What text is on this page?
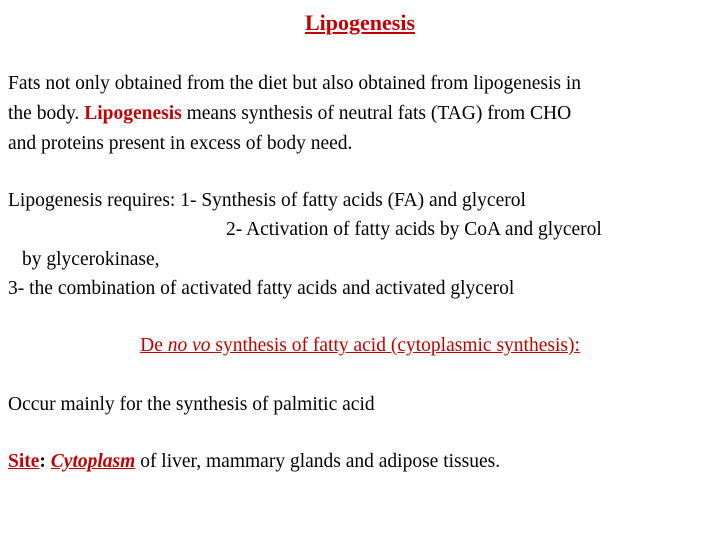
Lipogenesis
Fats not only obtained from the diet but also obtained from lipogenesis in
the body. Lipogenesis means synthesis of neutral fats (TAG) from CHO
and proteins present in excess of body need.
Lipogenesis requires: 1- Synthesis of fatty acids (FA) and glycerol
2- Activation of fatty acids by CoA and glycerol
by glycerokinase,
3- the combination of activated fatty acids and activated glycerol
De no vo synthesis of fatty acid (cytoplasmic synthesis):
Occur mainly for the synthesis of palmitic acid
Site: Cytoplasm of liver, mammary glands and adipose tissues.
